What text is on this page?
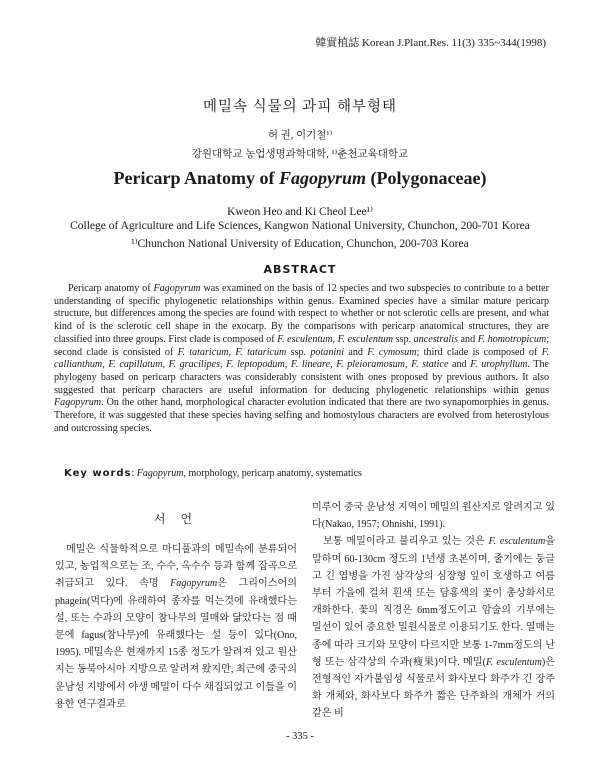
韓實植誌 Korean J.Plant.Res. 11(3) 335~344(1998)
메밀속 식물의 과피 해부형태
허 권, 이기철¹⁾
강원대학교 농업생명과학대학, ¹⁾춘천교육대학교
Pericarp Anatomy of Fagopyrum (Polygonaceae)
Kweon Heo and Ki Cheol Lee¹⁾
College of Agriculture and Life Sciences, Kangwon National University, Chunchon, 200-701 Korea
¹⁾Chunchon National University of Education, Chunchon, 200-703 Korea
ABSTRACT

Pericarp anatomy of Fagopyrum was examined on the basis of 12 species and two subspecies to contribute to a better understanding of specific phylogenetic relationships within genus. Examined species have a similar mature pericarp structure, but differences among the species are found with respect to whether or not sclerotic cells are present, and what kind of is the sclerotic cell shape in the exocarp. By the comparisons with pericarp anatomical structures, they are classified into three groups. First clade is composed of F. esculentum, F. esculentum ssp. ancestralis and F. homotropicum; second clade is consisted of F. tataricum, F. tataricum ssp. potanini and F. cymosum; third clade is composed of F. callianthum, F. capillatum, F. gracilipes, F. leptopodum, F. lineare, F. pleioramosum, F. statice and F. urophyllum. The phylogeny based on pericarp characters was considerably consistent with ones proposed by previous authors. It also suggested that pericarp characters are useful information for deducing phylogenetic relationships within genus Fagopyrum. On the other hand, morphological character evolution indicated that there are two synapomorphies in genus. Therefore, it was suggested that these species having selfing and homostylous characters are evolved from heterostylous and outcrossing species.

Key words: Fagopyrum, morphology, pericarp anatomy, systematics
서 언

메밀은 식물학적으로 마디풀과의 메밀속에 분류되어 있고, 농업적으로는 조, 수수, 옥수수 등과 함께 잡곡으로 취급되고 있다. 속명 Fagopyrum은 그리이스어의 phagein(먹다)에 유래하여 종자를 먹는것에 유래했다는 설, 또는 수과의 모양이 참나무의 열매와 닮았다는 점 때문에 fagus(참나무)에 유래했다는 설 등이 있다(Ono, 1995). 메밀속은 현재까지 15종 정도가 알려져 있고 원산지는 동북아시아 지방으로 알려져 왔지만, 최근에 중국의 운남성 지방에서 야생 메밀이 다수 채집되었고 이들을 이용한 연구결과로

미루어 중국 운남성 지역이 메밀의 원산지로 알려지고 있다(Nakao, 1957; Ohnishi, 1991).

보통 메밀이라고 불리우고 있는 것은 F. esculentum을 말하며 60-130cm 정도의 1년생 초본이며, 줄기에는 둥글고 긴 엽병을 가진 삼각상의 심장형 잎이 호생하고 여름부터 가을에 걸쳐 흰색 또는 담홍색의 꽃이 총상화서로 개화한다. 꽃의 직경은 6mm정도이고 암술의 기부에는 밀선이 있어 중요한 밀원식물로 이용되기도 한다. 열매는 종에 따라 크기와 모양이 다르지만 보통 1-7mm정도의 난형 또는 삼각상의 수과(瘦果)이다. 메밀(F. esculentum)은 전형적인 자가불임성 식물로서 화사보다 화주가 긴 장주화 개체와, 화사보다 화주가 짧은 단주화의 개체가 거의 같은 비

- 335 -
